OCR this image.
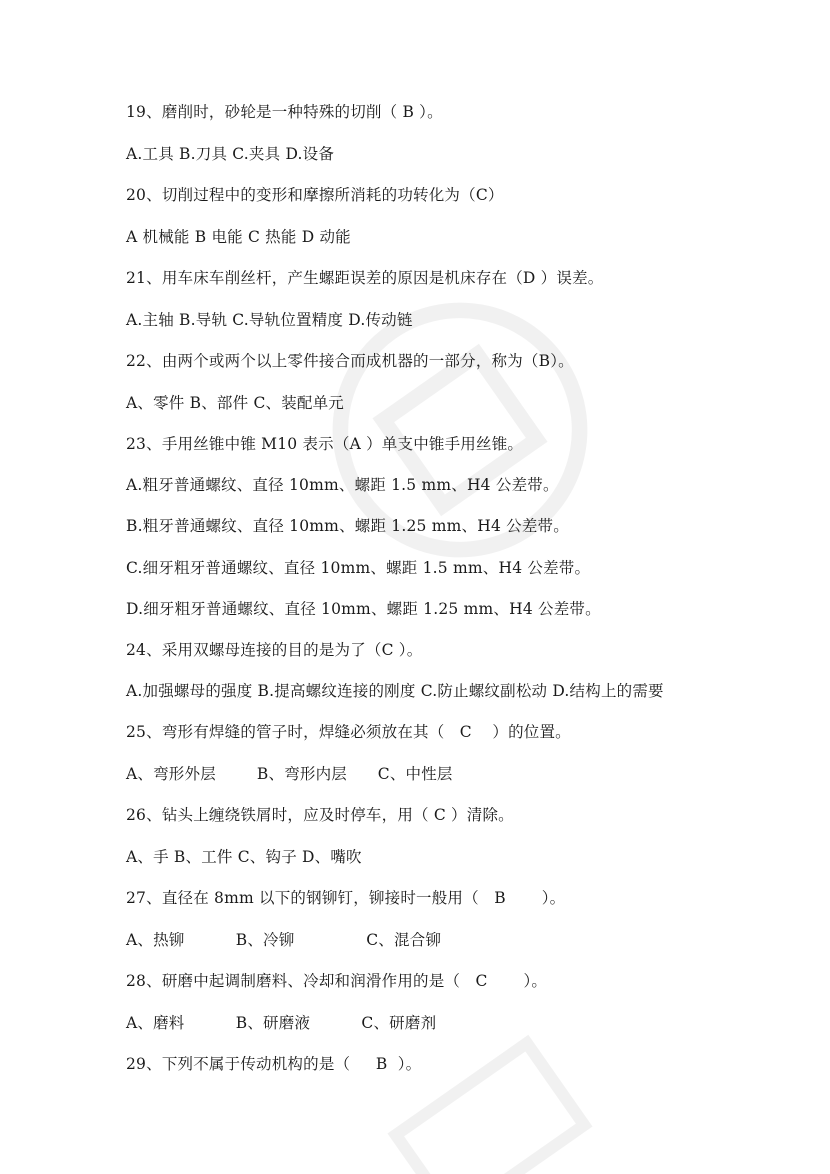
19、磨削时，砂轮是一种特殊的切削（ B ）。
A.工具 B.刀具 C.夹具 D.设备
20、切削过程中的变形和摩擦所消耗的功转化为（C）
A 机械能 B 电能 C 热能 D 动能
21、用车床车削丝杆，产生螺距误差的原因是机床存在（D ）误差。
A.主轴 B.导轨 C.导轨位置精度 D.传动链
22、由两个或两个以上零件接合而成机器的一部分，称为（B）。
A、零件 B、部件 C、装配单元
23、手用丝锥中锥 M10 表示（A ）单支中锥手用丝锥。
A.粗牙普通螺纹、直径 10mm、螺距 1.5 mm、H4 公差带。
B.粗牙普通螺纹、直径 10mm、螺距 1.25 mm、H4 公差带。
C.细牙粗牙普通螺纹、直径 10mm、螺距 1.5 mm、H4 公差带。
D.细牙粗牙普通螺纹、直径 10mm、螺距 1.25 mm、H4 公差带。
24、采用双螺母连接的目的是为了（C ）。
A.加强螺母的强度 B.提高螺纹连接的刚度 C.防止螺纹副松动 D.结构上的需要
25、弯形有焊缝的管子时，焊缝必须放在其（   C    ）的位置。
A、弯形外层        B、弯形内层      C、中性层
26、钻头上缠绕铁屑时，应及时停车，用（ C ）清除。
A、手 B、工件 C、钩子 D、嘴吹
27、直径在 8mm 以下的钢铆钉，铆接时一般用（   B       ）。
A、热铆          B、冷铆              C、混合铆
28、研磨中起调制磨料、冷却和润滑作用的是（   C       ）。
A、磨料          B、研磨液          C、研磨剂
29、下列不属于传动机构的是（     B  ）。
